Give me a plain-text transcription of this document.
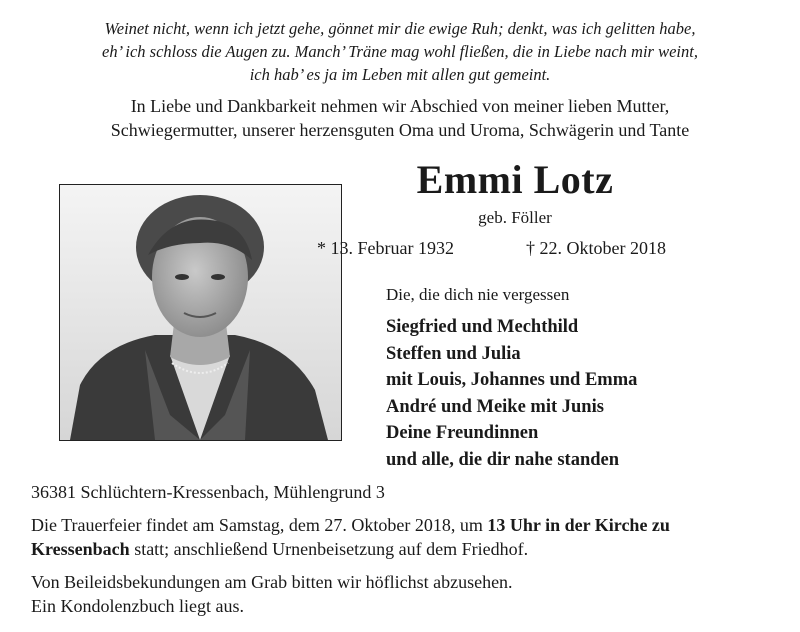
Weinet nicht, wenn ich jetzt gehe, gönnet mir die ewige Ruh; denkt, was ich gelitten habe,
eh’ ich schloss die Augen zu. Manch’ Träne mag wohl fließen, die in Liebe nach mir weint,
ich hab’ es ja im Leben mit allen gut gemeint.
In Liebe und Dankbarkeit nehmen wir Abschied von meiner lieben Mutter,
Schwiegermutter, unserer herzensguten Oma und Uroma, Schwägerin und Tante
Emmi Lotz
geb. Föller
* 13. Februar 1932	† 22. Oktober 2018
Die, die dich nie vergessen
Siegfried und Mechthild
Steffen und Julia
mit Louis, Johannes und Emma
André und Meike mit Junis
Deine Freundinnen
und alle, die dir nahe standen
36381 Schlüchtern-Kressenbach, Mühlengrund 3
Die Trauerfeier findet am Samstag, dem 27. Oktober 2018, um 13 Uhr in der Kirche zu
Kressenbach statt; anschließend Urnenbeisetzung auf dem Friedhof.
Von Beileidsbekundungen am Grab bitten wir höflichst abzusehen.
Ein Kondolenzbuch liegt aus.
